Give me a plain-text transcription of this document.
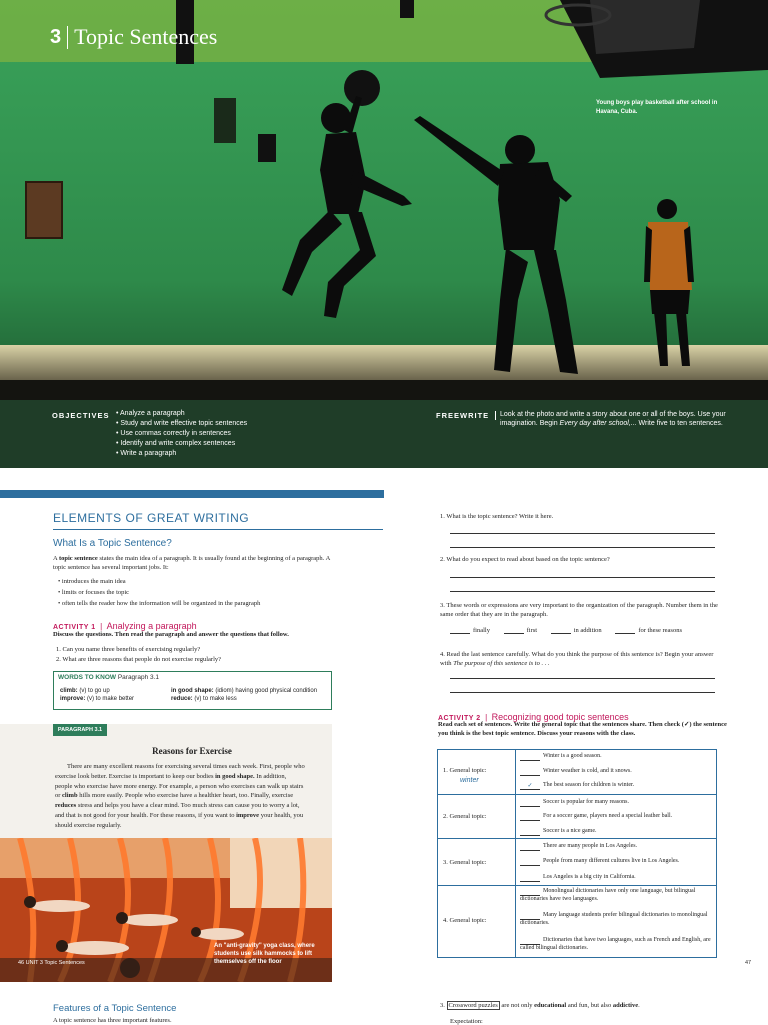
3 Topic Sentences
Young boys play basketball after school in Havana, Cuba.
OBJECTIVES
•	Analyze a paragraph
• Study and write effective topic sentences
• Use commas correctly in sentences
• Identify and write complex sentences
• Write a paragraph
FREEWRITE	Look at the photo and write a story about one or all of the boys. Use your imagination. Begin Every day after school,... Write five to ten sentences.
44	45
ELEMENTS OF GREAT WRITING
What Is a Topic Sentence?
A topic sentence states the main idea of a paragraph. It is usually found at the beginning of a paragraph. A topic sentence has several important jobs. It:
• introduces the main idea
• limits or focuses the topic
• often tells the reader how the information will be organized in the paragraph
ACTIVITY 1 | Analyzing a paragraph
Discuss the questions. Then read the paragraph and answer the questions that follow.
1. Can you name three benefits of exercising regularly?
2. What are three reasons that people do not exercise regularly?
WORDS TO KNOW Paragraph 3.1
climb: (v) to go up
improve: (v) to make better
in good shape: (idiom) having good physical condition
reduce: (v) to make less
PARAGRAPH 3.1
Reasons for Exercise
There are many excellent reasons for exercising several times each week. First, people who exercise look better. Exercise is important to keep our bodies in good shape. In addition, people who exercise have more energy. For example, a person who exercises can walk up stairs or climb hills more easily. People who exercise have a healthier heart, too. Finally, exercise reduces stress and helps you have a clear mind. Too much stress can cause you to worry a lot, and that is not good for your health. For these reasons, if you want to improve your health, you should exercise regularly.
An "anti-gravity" yoga class, where students use silk hammocks to lift themselves off the floor
46 UNIT 3 Topic Sentences
1. What is the topic sentence? Write it here.
2. What do you expect to read about based on the topic sentence?
3. These words or expressions are very important to the organization of the paragraph. Number them in the same order that they are in the paragraph.
finally	first	in addition	for these reasons
4. Read the last sentence carefully. What do you think the purpose of this sentence is? Begin your answer with The purpose of this sentence is to . . .
ACTIVITY 2 | Recognizing good topic sentences
Read each set of sentences. Write the general topic that the sentences share. Then check (✓) the sentence you think is the best topic sentence. Discuss your reasons with the class.
1. General topic:
winter
Winter is a good season.
Winter weather is cold, and it snows.
✓ The best season for children is winter.
2. General topic:
Soccer is popular for many reasons.
For a soccer game, players need a special leather ball.
Soccer is a nice game.
3. General topic:
There are many people in Los Angeles.
People from many different cultures live in Los Angeles.
Los Angeles is a big city in California.
4. General topic:
Monolingual dictionaries have only one language, but bilingual dictionaries have two languages.
Many language students prefer bilingual dictionaries to monolingual dictionaries.
Dictionaries that have two languages, such as French and English, are called bilingual dictionaries.
47
Features of a Topic Sentence
A topic sentence has three important features.
3. Crossword puzzles are not only educational and fun, but also addictive.
Expectation:
